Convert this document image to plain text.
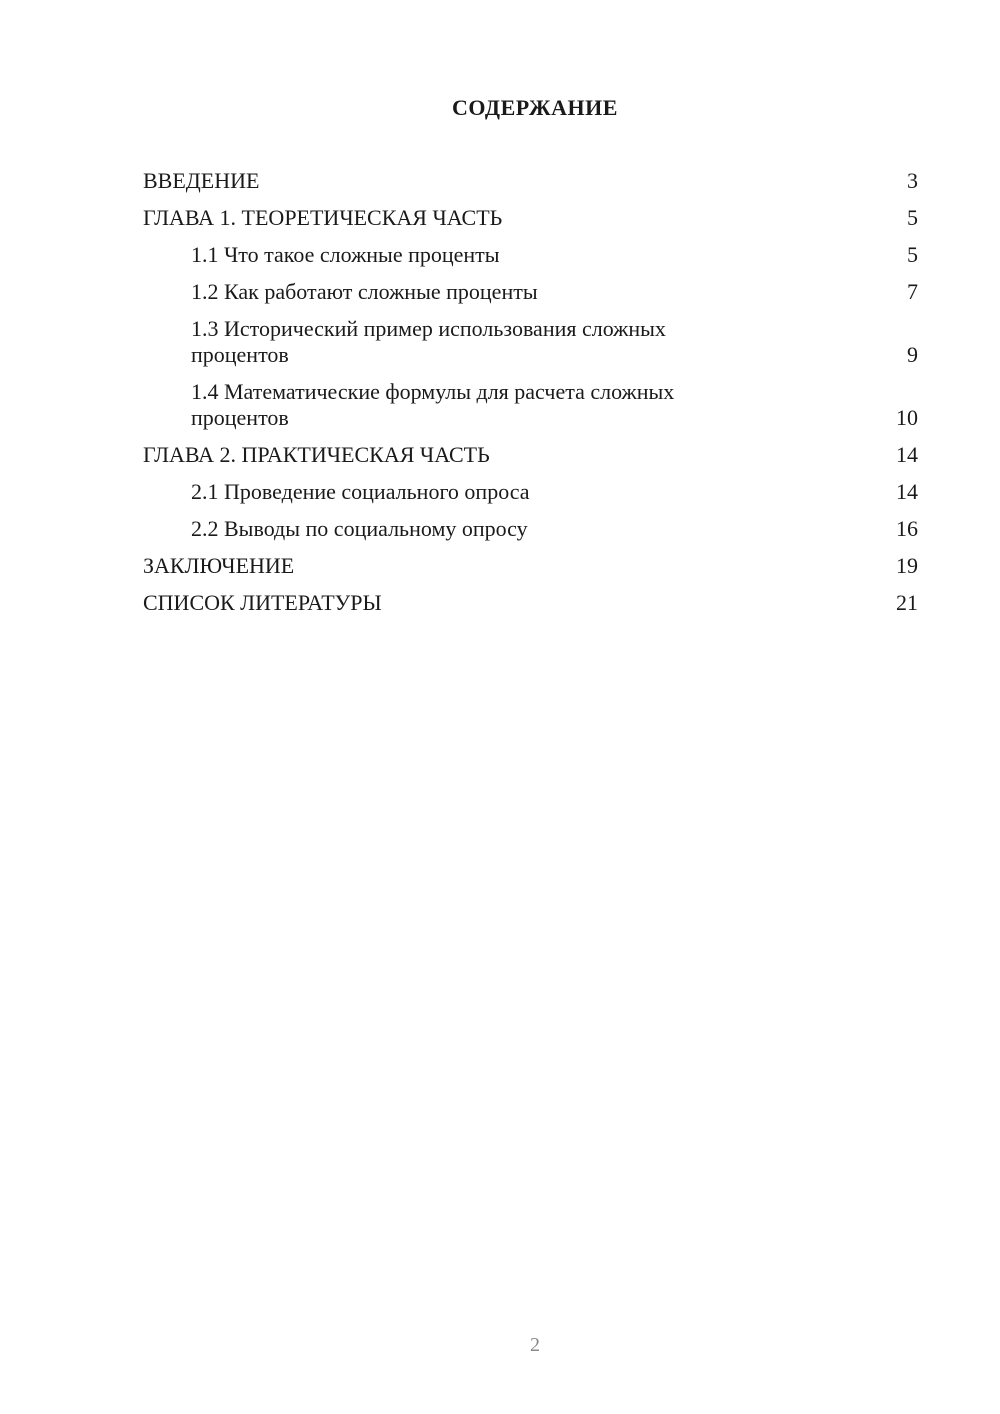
СОДЕРЖАНИЕ
ВВЕДЕНИЕ	3
ГЛАВА 1. ТЕОРЕТИЧЕСКАЯ ЧАСТЬ	5
1.1 Что такое сложные проценты	5
1.2 Как работают сложные проценты	7
1.3 Исторический пример использования сложных процентов	9
1.4 Математические формулы для расчета сложных процентов	10
ГЛАВА 2. ПРАКТИЧЕСКАЯ ЧАСТЬ	14
2.1 Проведение социального опроса	14
2.2 Выводы по социальному опросу	16
ЗАКЛЮЧЕНИЕ	19
СПИСОК ЛИТЕРАТУРЫ	21
2
